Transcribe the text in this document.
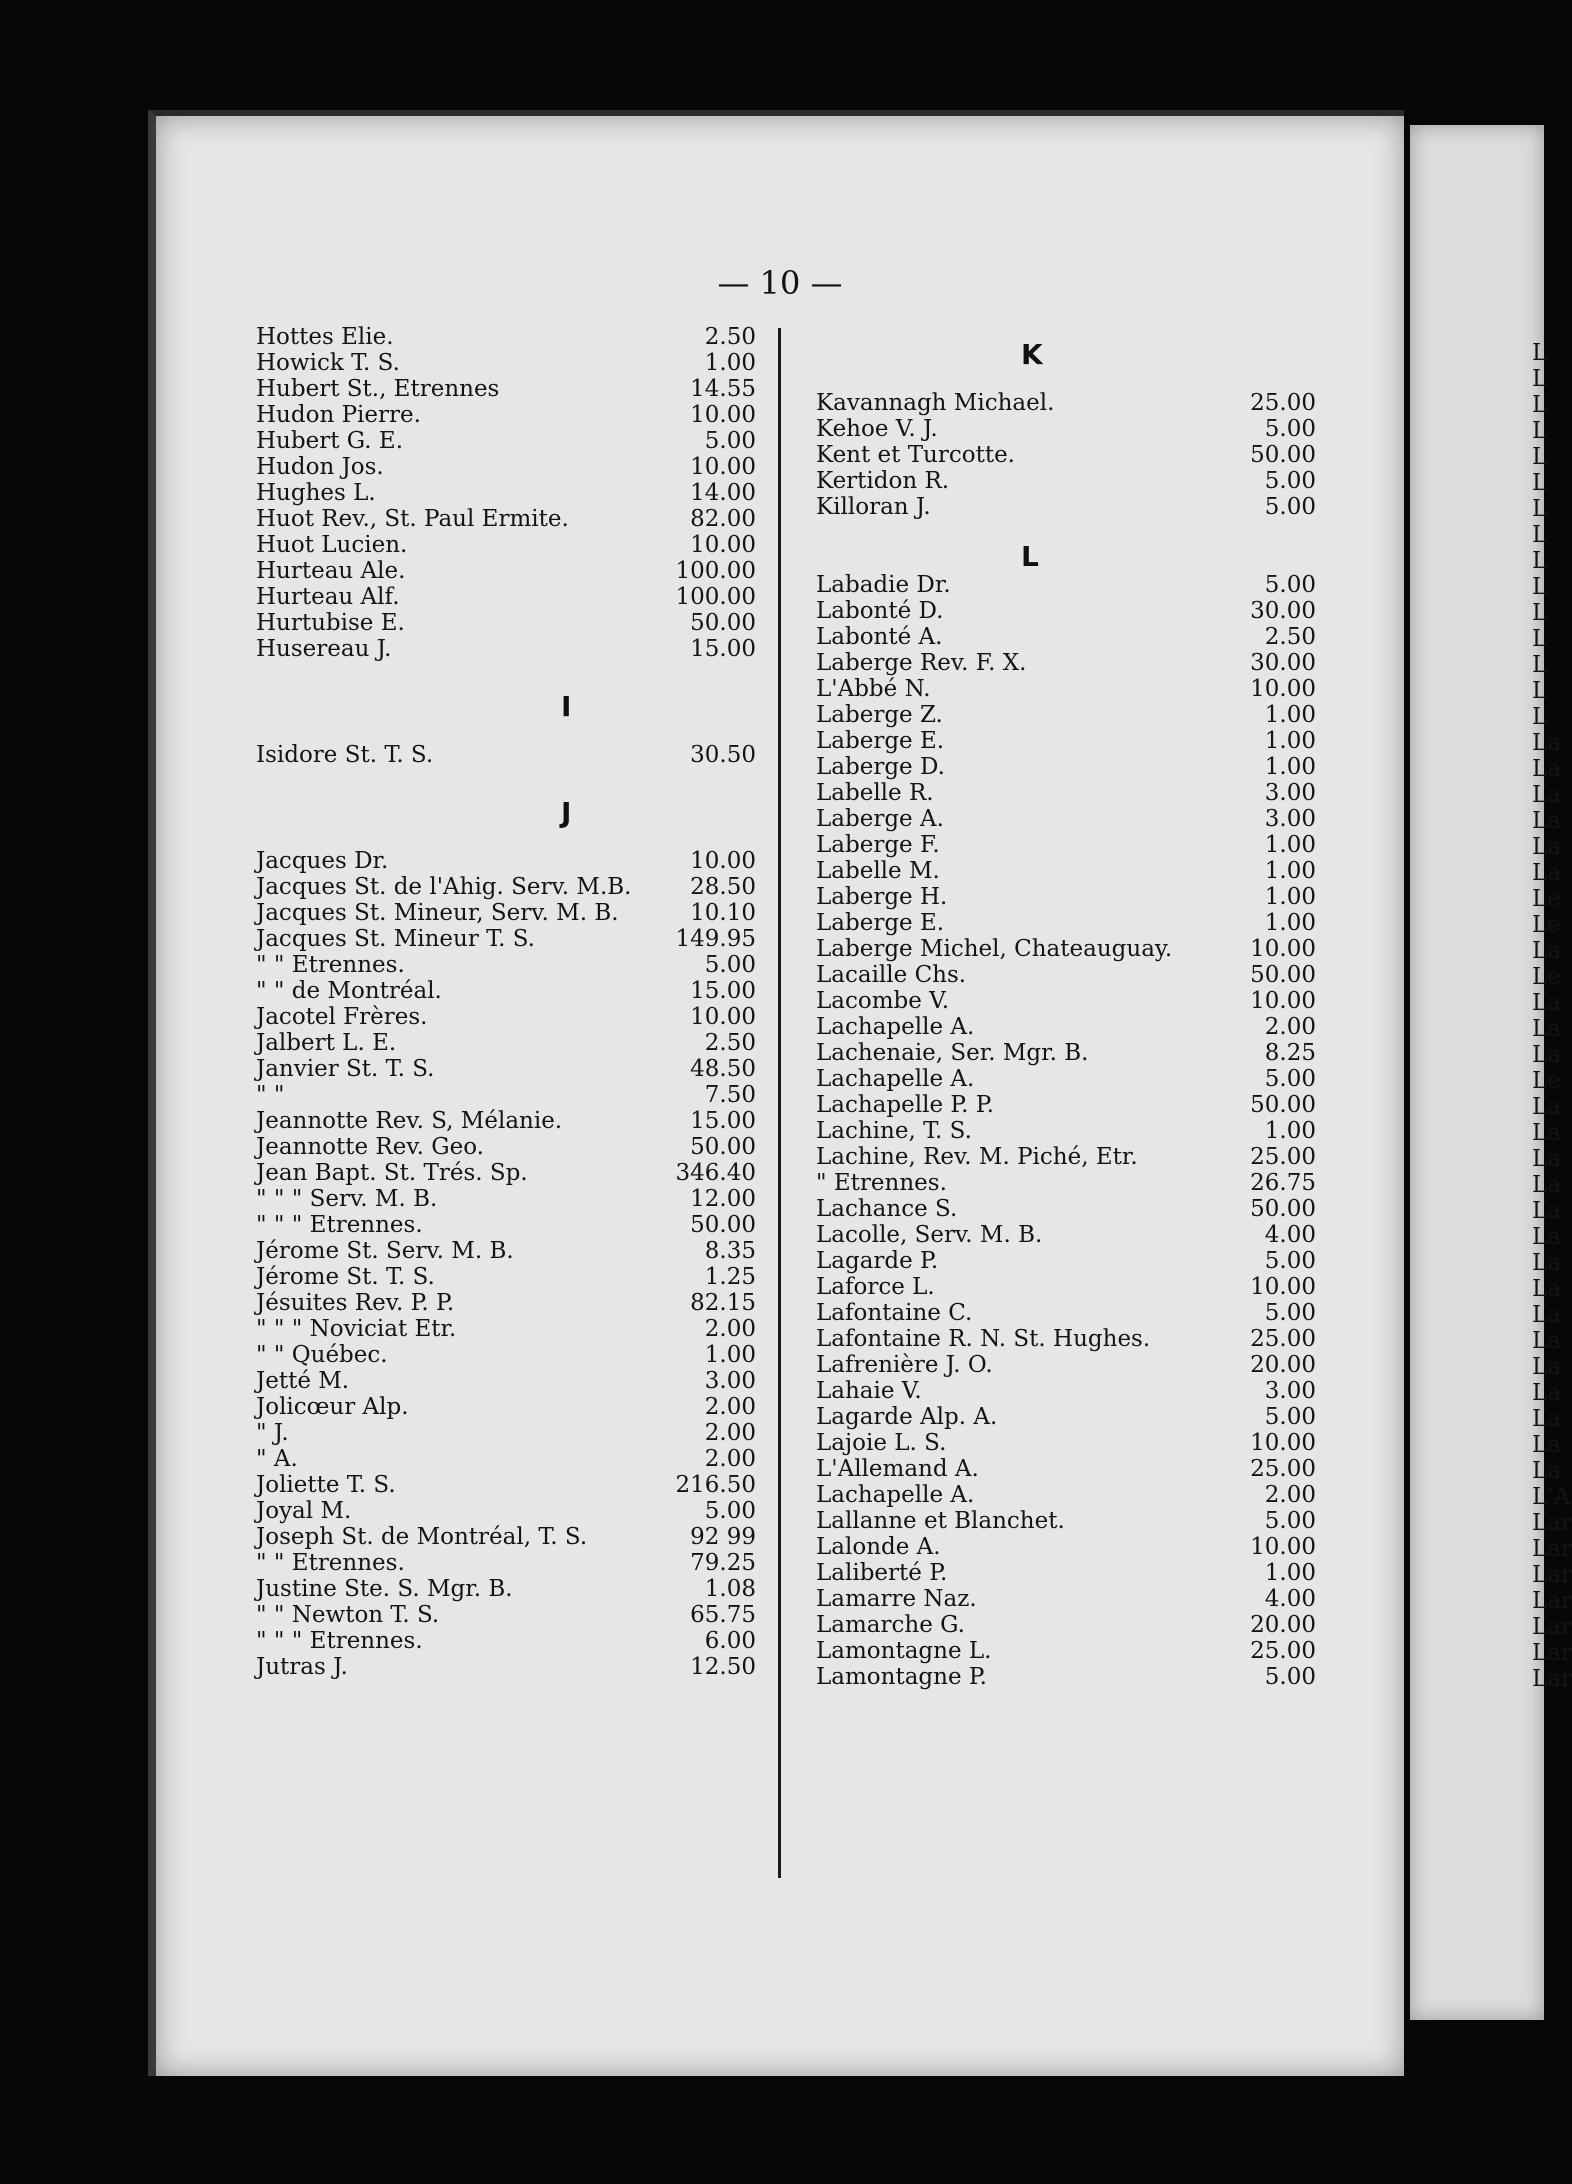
— 10 —
Hottes Elie.	2.50
Howick T. S.	1.00
Hubert St., Etrennes	14.55
Hudon Pierre.	10.00
Hubert G. E.	5.00
Hudon Jos.	10.00
Hughes L.	14.00
Huot Rev., St. Paul Ermite.	82.00
Huot Lucien.	10.00
Hurteau Ale.	100.00
Hurteau Alf.	100.00
Hurtubise E.	50.00
Husereau J.	15.00
I
Isidore St. T. S.	30.50
J
Jacques Dr.	10.00
Jacques St. de l'Ahig. Serv. M.B.	28.50
Jacques St. Mineur, Serv. M. B.	10.10
Jacques St. Mineur T. S.	149.95
" " Etrennes.	5.00
" " de Montréal.	15.00
Jacotel Frères.	10.00
Jalbert L. E.	2.50
Janvier St. T. S.	48.50
" "	7.50
Jeannotte Rev. S, Mélanie.	15.00
Jeannotte Rev. Geo.	50.00
Jean Bapt. St. Trés. Sp.	346.40
" " " Serv. M. B.	12.00
" " " Etrennes.	50.00
Jérome St. Serv. M. B.	8.35
Jérome St. T. S.	1.25
Jésuites Rev. P. P.	82.15
" " " Noviciat Etr.	2.00
" " Québec.	1.00
Jetté M.	3.00
Jolicœur Alp.	2.00
" J.	2.00
" A.	2.00
Joliette T. S.	216.50
Joyal M.	5.00
Joseph St. de Montréal, T. S.	92 99
" " Etrennes.	79.25
Justine Ste. S. Mgr. B.	1.08
" " Newton T. S.	65.75
" " " Etrennes.	6.00
Jutras J.	12.50
K
Kavannagh Michael.	25.00
Kehoe V. J.	5.00
Kent et Turcotte.	50.00
Kertidon R.	5.00
Killoran J.	5.00
L
Labadie Dr.	5.00
Labonté D.	30.00
Labonté A.	2.50
Laberge Rev. F. X.	30.00
L'Abbé N.	10.00
Laberge Z.	1.00
Laberge E.	1.00
Laberge D.	1.00
Labelle R.	3.00
Laberge A.	3.00
Laberge F.	1.00
Labelle M.	1.00
Laberge H.	1.00
Laberge E.	1.00
Laberge Michel, Chateauguay.	10.00
Lacaille Chs.	50.00
Lacombe V.	10.00
Lachapelle A.	2.00
Lachenaie, Ser. Mgr. B.	8.25
Lachapelle A.	5.00
Lachapelle P. P.	50.00
Lachine, T. S.	1.00
Lachine, Rev. M. Piché, Etr.	25.00
" Etrennes.	26.75
Lachance S.	50.00
Lacolle, Serv. M. B.	4.00
Lagarde P.	5.00
Laforce L.	10.00
Lafontaine C.	5.00
Lafontaine R. N. St. Hughes.	25.00
Lafrenière J. O.	20.00
Lahaie V.	3.00
Lagarde Alp. A.	5.00
Lajoie L. S.	10.00
L'Allemand A.	25.00
Lachapelle A.	2.00
Lallanne et Blanchet.	5.00
Lalonde A.	10.00
Laliberté P.	1.00
Lamarre Naz.	4.00
Lamarche G.	20.00
Lamontagne L.	25.00
Lamontagne P.	5.00
L
L
L
L
L
L
L
L
L
L
L
L
L
L
L
La
La
La
La
La
La
Le
Le
La
Le
La
La
La
Le
La
La
La
La
La
La
La
La
La
La
La
La
La
La
La
L'A
Lar
Lar
Lar
Lar
Lar
Lar
Lar
